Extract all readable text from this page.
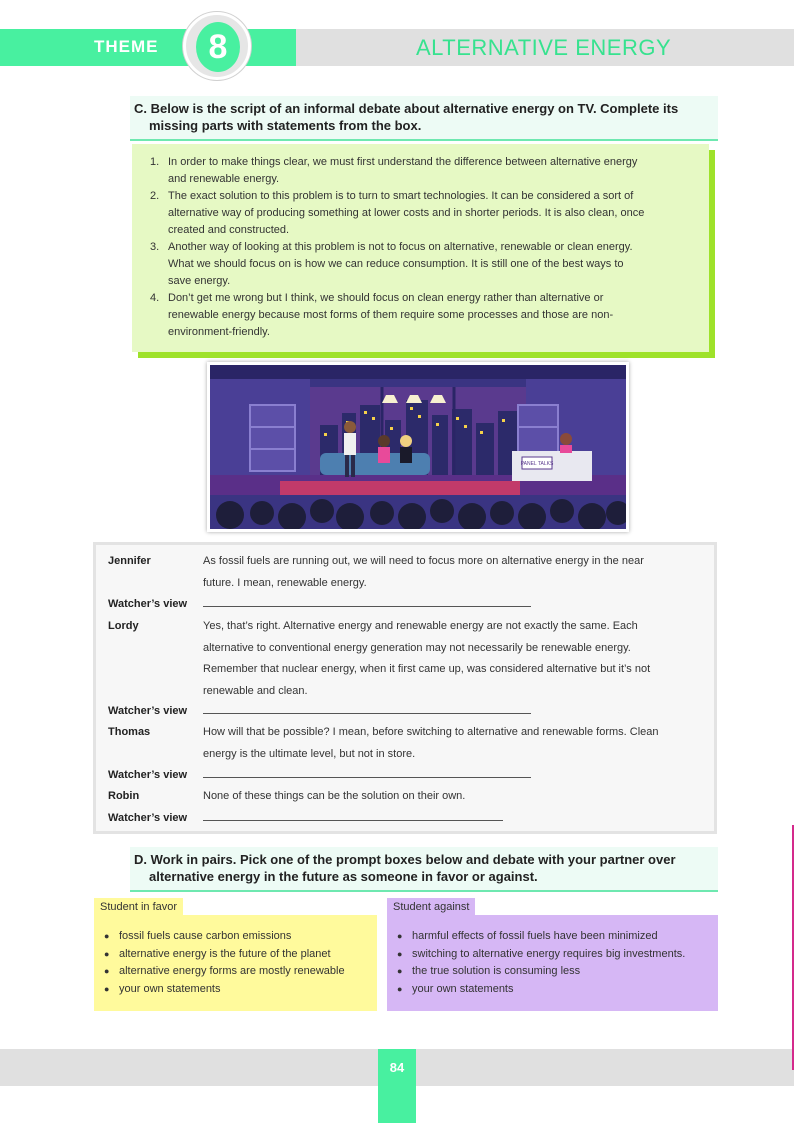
THEME 8	ALTERNATIVE ENERGY
C. Below is the script of an informal debate about alternative energy on TV. Complete its
missing parts with statements from the box.
1. In order to make things clear, we must first understand the difference between alternative energy
and renewable energy.
2. The exact solution to this problem is to turn to smart technologies. It can be considered a sort of
alternative way of producing something at lower costs and in shorter periods. It is also clean, once
created and constructed.
3. Another way of looking at this problem is not to focus on alternative, renewable or clean energy.
What we should focus on is how we can reduce consumption. It is still one of the best ways to
save energy.
4. Don’t get me wrong but I think, we should focus on clean energy rather than alternative or
renewable energy because most forms of them require some processes and those are non-
environment-friendly.
PANEL TALKS
Jennifer	As fossil fuels are running out, we will need to focus more on alternative energy in the near
future. I mean, renewable energy.
Watcher’s view
Lordy	Yes, that’s right. Alternative energy and renewable energy are not exactly the same. Each
alternative to conventional energy generation may not necessarily be renewable energy.
Remember that nuclear energy, when it first came up, was considered alternative but it’s not
renewable and clean.
Watcher’s view
Thomas	How will that be possible? I mean, before switching to alternative and renewable forms. Clean
energy is the ultimate level, but not in store.
Watcher’s view
Robin	None of these things can be the solution on their own.
Watcher’s view
D. Work in pairs. Pick one of the prompt boxes below and debate with your partner over
alternative energy in the future as someone in favor or against.
Student in favor
● fossil fuels cause carbon emissions
● alternative energy is the future of the planet
● alternative energy forms are mostly renewable
● your own statements
Student against
● harmful effects of fossil fuels have been minimized
● switching to alternative energy requires big investments.
● the true solution is consuming less
● your own statements
84
